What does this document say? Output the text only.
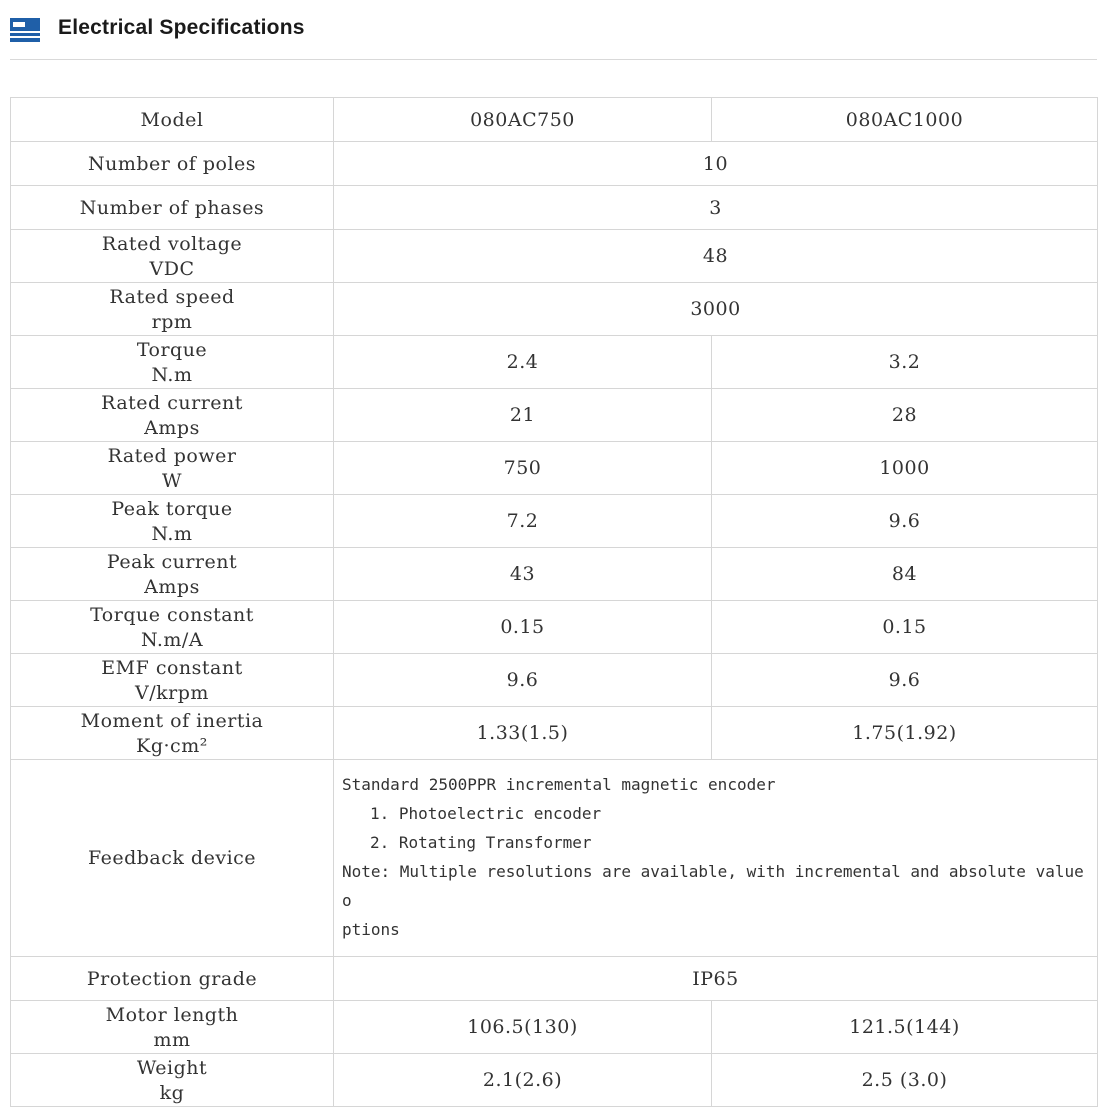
Electrical Specifications
Model	080AC750	080AC1000
Number of poles	10	
Number of phases	3	

Rated voltage
VDC	48	

Rated speed
rpm	3000	

Torque
N.m	2.4	3.2

Rated current
Amps	21	28

Rated power
W	750	1000

Peak torque
N.m	7.2	9.6

Peak current
Amps	43	84

Torque constant
N.m/A	0.15	0.15

EMF constant
V/krpm	9.6	9.6

Moment of inertia
Kg·cm²	1.33(1.5)	1.75(1.92)
Feedback device	Standard 2500PPR incremental magnetic encoder
1. Photoelectric encoder
2. Rotating Transformer
Note: Multiple resolutions are available, with incremental and absolute value o
ptions	

Protection grade	IP65	

Motor length
mm	106.5(130)	121.5(144)

Weight
kg	2.1(2.6)	2.5 (3.0)
